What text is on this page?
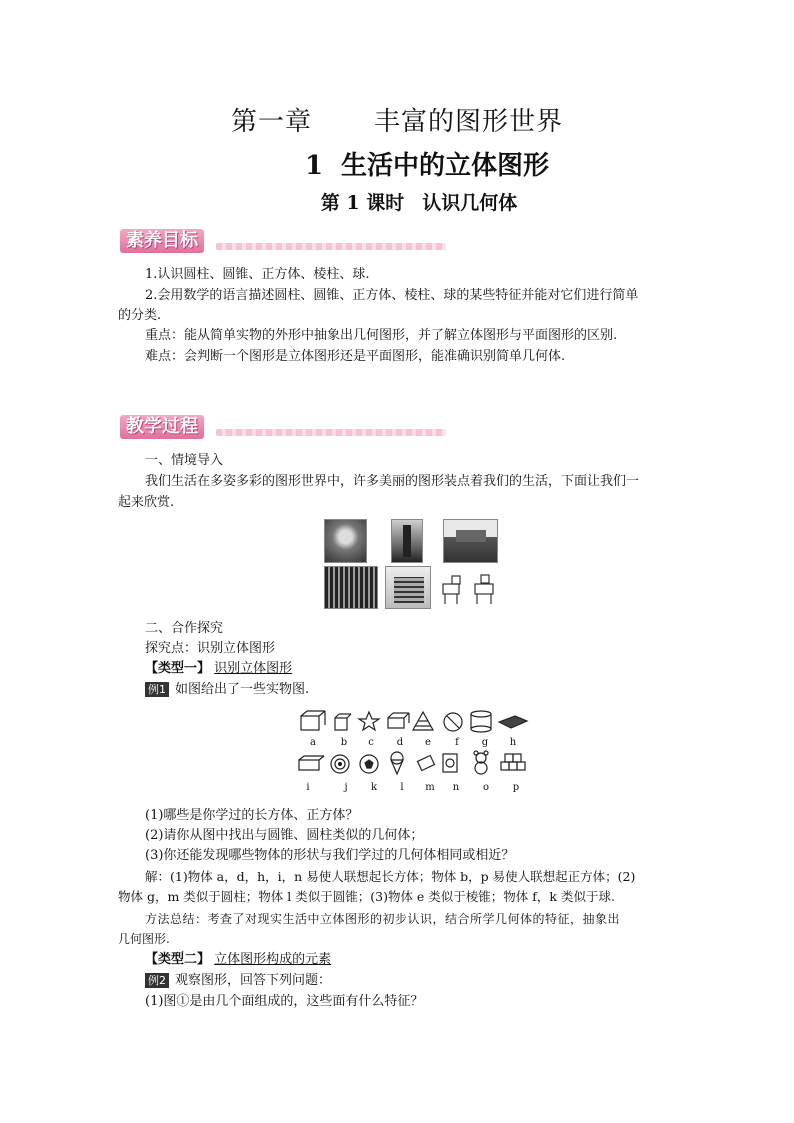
第一章 丰富的图形世界
1 生活中的立体图形
第 1 课时 认识几何体
素养目标
1.认识圆柱、圆锥、正方体、棱柱、球.
2.会用数学的语言描述圆柱、圆锥、正方体、棱柱、球的某些特征并能对它们进行简单
的分类.
重点：能从简单实物的外形中抽象出几何图形，并了解立体图形与平面图形的区别.
难点：会判断一个图形是立体图形还是平面图形，能准确识别简单几何体.
教学过程
一、情境导入
我们生活在多姿多彩的图形世界中，许多美丽的图形装点着我们的生活，下面让我们一
起来欣赏.
二、合作探究
探究点：识别立体图形
【类型一】 识别立体图形
例1 如图给出了一些实物图.
a	b	c	d	e	f	g	h
i	j	k	l	m	n	o	p
(1)哪些是你学过的长方体、正方体？
(2)请你从图中找出与圆锥、圆柱类似的几何体；
(3)你还能发现哪些物体的形状与我们学过的几何体相同或相近？
解：(1)物体 a，d，h，i，n 易使人联想起长方体；物体 b，p 易使人联想起正方体；(2)
物体 g，m 类似于圆柱；物体 l 类似于圆锥；(3)物体 e 类似于棱锥；物体 f，k 类似于球.
方法总结：考查了对现实生活中立体图形的初步认识，结合所学几何体的特征，抽象出
几何图形.
【类型二】 立体图形构成的元素
例2 观察图形，回答下列问题：
(1)图①是由几个面组成的，这些面有什么特征？
